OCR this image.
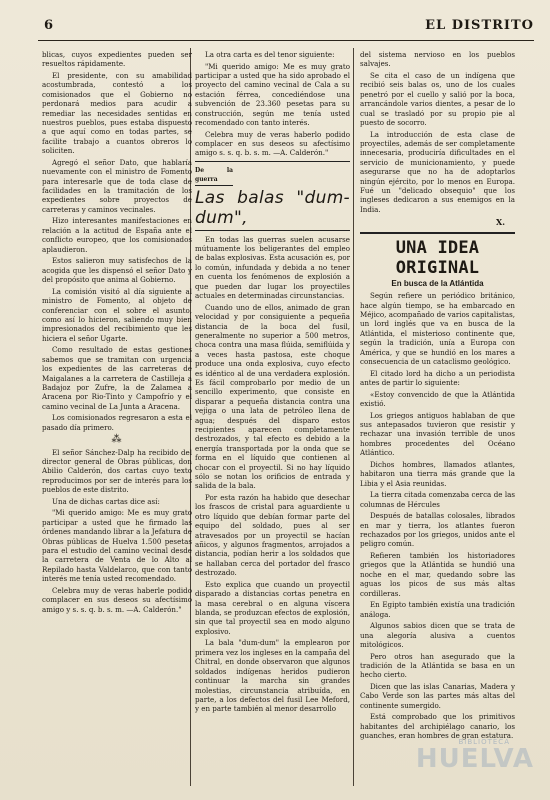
6	EL DISTRITO

blicas, cuyos expedientes pueden ser resueltos rápidamente.

El presidente, con su amabilidad acostumbrada, contestó a los comisionados que el Gobierno no perdonará medios para acudir a remediar las necesidades sentidas en nuestros pueblos, pues estaba dispuesto a que aquí como en todas partes, se facilite trabajo a cuantos obreros lo soliciten.

Agregó el señor Dato, que hablaría nuevamente con el ministro de Fomento para interesarle que de toda clase de facilidades en la tramitación de los expedientes sobre proyectos de carreteras y caminos vecinales.

Hizo interesantes manifestaciones en relación a la actitud de España ante el conflicto europeo, que los comisionados aplaudieron.

Estos salieron muy satisfechos de la acogida que les dispensó el señor Dato y del propósito que anima al Gobierno.

La comisión visitó al día siguiente al ministro de Fomento, al objeto de conferenciar con el sobre el asunto, como así lo hicieron, saliendo muy bien impresionados del recibimiento que les hiciera el señor Ugarte.

Como resultado de estas gestiones sabemos que se tramitan con urgencia los expedientes de las carreteras de Maigalanes a la carretera de Castilleja a Badajoz por Zufre, la de Zalamea a Aracena por Rio-Tinto y Campofrío y el camino vecinal de La Junta a Aracena.

Los comisionados regresaron a esta el pasado día primero.

⁂

El señor Sánchez-Dalp ha recibido del director general de Obras públicas, don Abilio Calderón, dos cartas cuyo texto reproducimos por ser de interés para los pueblos de este distrito.

Una de dichas cartas dice así:

"Mi querido amigo: Me es muy grato participar a usted que he firmado las órdenes mandando librar a la Jefatura de Obras públicas de Huelva 1.500 pesetas para el estudio del camino vecinal desde la carretera de Venta de lo Alto al Repilado hasta Valdelarco, que con tanto interés me tenía usted recomendado.

Celebra muy de veras haberle podido complacer en sus deseos su afectísimo amigo y s. s. q. b. s. m. —A. Calderón."

La otra carta es del tenor siguiente:

"Mi querido amigo: Me es muy grato participar a usted que ha sido aprobado el proyecto del camino vecinal de Cala a su estación férrea, concediéndose una subvención de 23.360 pesetas para su construcción, según me tenía usted recomendado con tanto interés.

Celebra muy de veras haberlo podido complacer en sus deseos su afectísimo amigo s. s. q. b. s. m. —A. Calderón."

De la guerra
Las balas "dum-dum",

En todas las guerras suelen acusarse mútuamente los beligerantes del empleo de balas explosivas. Esta acusación es, por lo común, infundada y debida a no tener en cuenta los fenómenos de explosión a que pueden dar lugar los proyectiles actuales en determinadas circunstancias.

Cuando uno de ellos, animado de gran velocidad y por consiguiente a pequeña distancia de la boca del fusil, generalmente no superior a 500 metros, choca contra una masa flúida, semiflúida y a veces hasta pastosa, este choque produce una onda explosiva, cuyo efecto es idéntico al de una verdadera explosión. Es fácil comprobarlo por medio de un sencillo experimento, que consiste en disparar a pequeña distancia contra una vejiga o una lata de petróleo llena de agua; después del disparo estos recipientes aparecen completamente destrozados, y tal efecto es debido a la energía transportada por la onda que se forma en el líquido que contienen al chocar con el proyectil. Si no hay líquido sólo se notan los orificios de entrada y salida de la bala.

Por esta razón ha habido que desechar los frascos de cristal para aguardiente u otro líquido que debían formar parte del equipo del soldado, pues al ser atravesados por un proyectil se hacían añicos, y algunos fragmentos, arrojados a distancia, podían herir a los soldados que se hallaban cerca del portador del frasco destrozado.

Esto explica que cuando un proyectil disparado a distancias cortas penetra en la masa cerebral o en alguna víscera blanda, se produzcan efectos de explosión, sin que tal proyectil sea en modo alguno explosivo.

La bala "dum-dum" la emplearon por primera vez los ingleses en la campaña del Chitral, en donde observaron que algunos soldados indígenas heridos pudieron continuar la marcha sin grandes molestias, circunstancia atribuída, en parte, a los defectos del fusil Lee Meford, y en parte también al menor desarrollo

del sistema nervioso en los pueblos salvajes.

Se cita el caso de un indígena que recibió seis balas os, uno de los cuales penetró por el cuello y salió por la boca, arrancándole varios dientes, a pesar de lo cual se trasladó por su propio pie al puesto de socorro.

La introducción de esta clase de proyectiles, además de ser completamente innecesaria, produciría dificultades en el servicio de municionamiento, y puede asegurarse que no ha de adoptarlos ningún ejército, por lo menos en Europa. Fué un "delicado obsequio" que los ingleses dedicaron a sus enemigos en la India.

X.
UNA IDEA ORIGINAL
En busca de la Atlántida

Según refiere un periódico británico, hace algún tiempo, se ha embarcado en Méjico, acompañado de varios capitalistas, un lord inglés que va en busca de la Atlántida, el misterioso continente que, según la tradición, unía a Europa con América, y que se hundió en los mares a consecuencia de un cataclismo geológico.

El citado lord ha dicho a un periodista antes de partir lo siguiente:

«Estoy convencido de que la Atlántida existió.

Los griegos antiguos hablaban de que sus antepasados tuvieron que resistir y rechazar una invasión terrible de unos hombres procedentes del Océano Atlántico.

Dichos hombres, llamados atlantes, habitaron una tierra más grande que la Libia y el Asia reunidas.

La tierra citada comenzaba cerca de las columnas de Hércules

Después de batallas colosales, librados en mar y tierra, los atlantes fueron rechazados por los griegos, unidos ante el peligro común.

Refieren también los historiadores griegos que la Atlántida se hundió una noche en el mar, quedando sobre las aguas los picos de sus más altas cordilleras.

En Egipto también existía una tradición análoga.

Algunos sabios dicen que se trata de una alegoría alusiva a cuentos mitológicos.

Pero otros han asegurado que la tradición de la Atlántida se basa en un hecho cierto.

Dicen que las islas Canarias, Madera y Cabo Verde son las partes más altas del continente sumergido.

Está comprobado que los primitivos habitantes del archipiélago canario, los guanches, eran hombres de gran estatura.

BIBLIOTECA
HUELVA
